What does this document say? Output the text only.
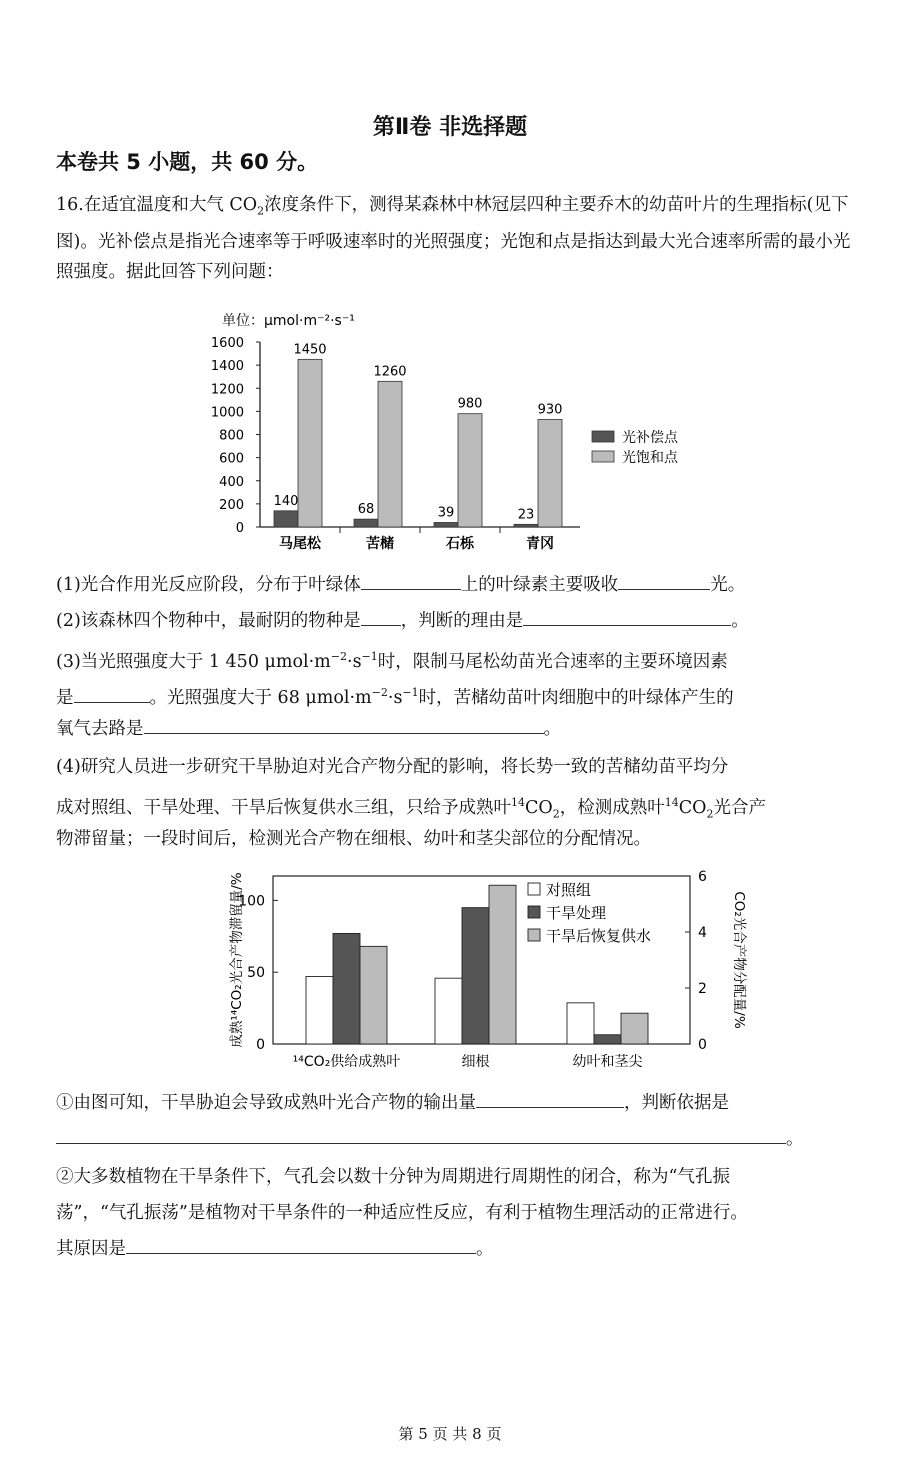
第Ⅱ卷 非选择题
本卷共 5 小题，共 60 分。
16.在适宜温度和大气 $CO_2$浓度条件下，测得某森林中林冠层四种主要乔木的幼苗叶片的生理指标(见下图)。光补偿点是指光合速率等于呼吸速率时的光照强度；光饱和点是指达到最大光合速率所需的最小光照强度。据此回答下列问题：
单位：μmol·m⁻²·s⁻¹
0
200
400
600
800
1000
1200
1400
1600
马尾松
140
1450
苦槠
68
1260
石栎
39
980
青冈
23
930
光补偿点
光饱和点
(1)光合作用光反应阶段，分布于叶绿体	上的叶绿素主要吸收	光。
(2)该森林四个物种中，最耐阴的物种是 ，判断的理由是	。
(3)当光照强度大于 1 450 $\mu mol\cdot m^{-2}\cdot s^{-1}$时，限制马尾松幼苗光合速率的主要环境因素
是	。光照强度大于 68 $\mu mol\cdot m^{-2}\cdot s^{-1}$时，苦槠幼苗叶肉细胞中的叶绿体产生的
氧气去路是	。
(4)研究人员进一步研究干旱胁迫对光合产物分配的影响，将长势一致的苦槠幼苗平均分
成对照组、干旱处理、干旱后恢复供水三组，只给予成熟叶$^{14}CO_2$，检测成熟叶$^{14}CO_2$光合产
物滞留量；一段时间后，检测光合产物在细根、幼叶和茎尖部位的分配情况。
0
50
100
0
2
4
6
成熟¹⁴CO₂光合产物滞留量/%	CO₂光合产物分配量/%
¹⁴CO₂供给成熟叶	细根	幼叶和茎尖
对照组
干旱处理
干旱后恢复供水
①由图可知，干旱胁迫会导致成熟叶光合产物的输出量	，判断依据是
。
②大多数植物在干旱条件下，气孔会以数十分钟为周期进行周期性的闭合，称为“气孔振
荡”，“气孔振荡”是植物对干旱条件的一种适应性反应，有利于植物生理活动的正常进行。
其原因是	。
第 5 页 共 8 页
